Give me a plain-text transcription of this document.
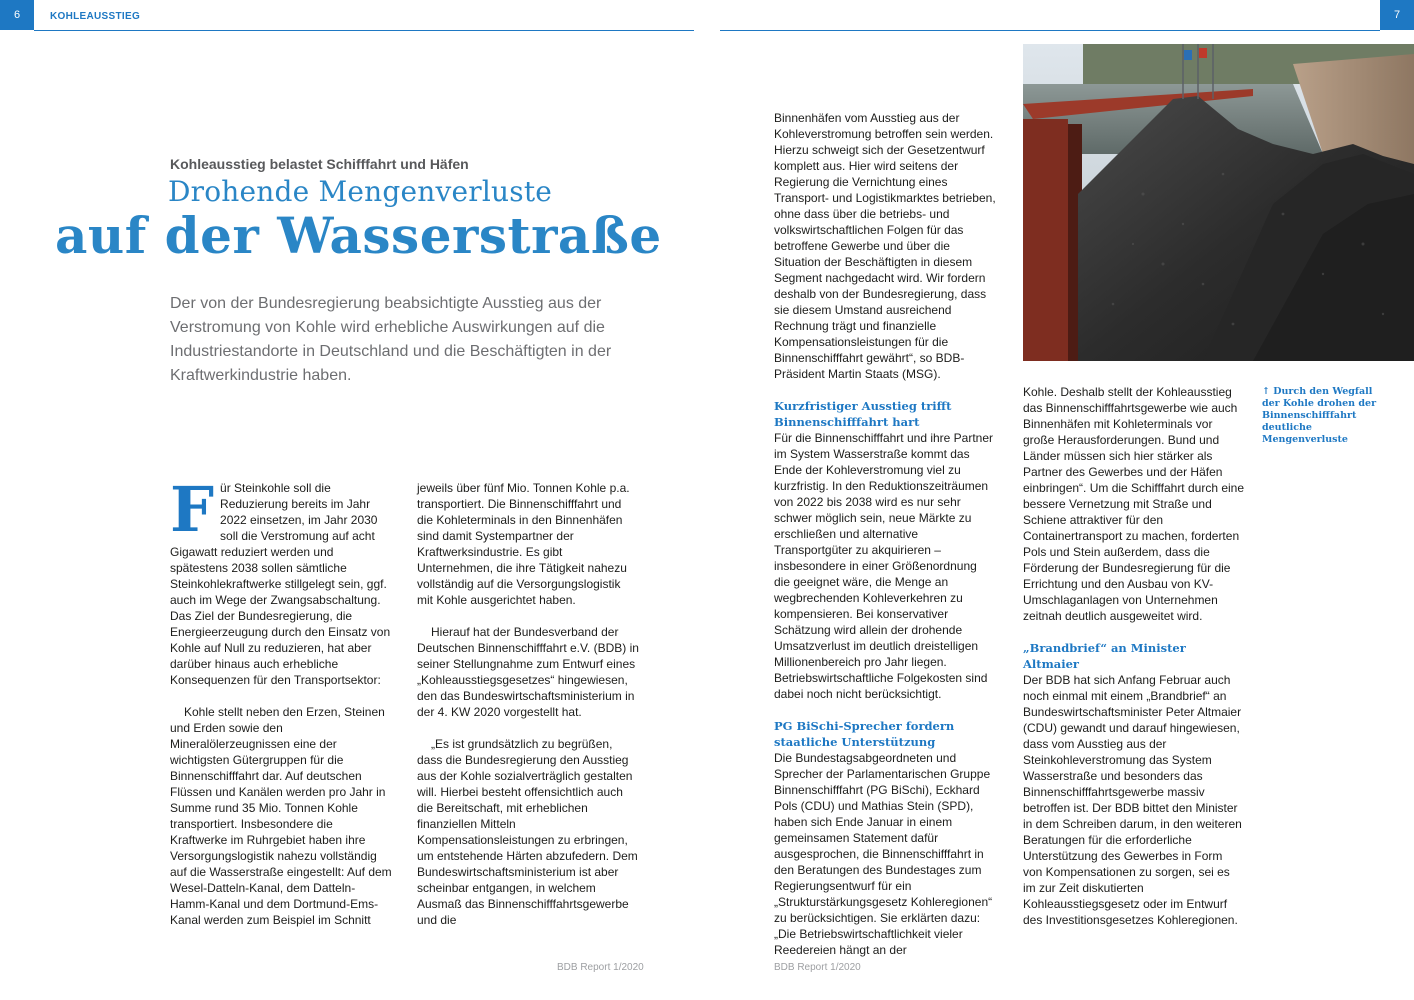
6	KOHLEAUSSTIEG	7
Kohleausstieg belastet Schifffahrt und Häfen
Drohende Mengenverluste
auf der Wasserstraße
Der von der Bundesregierung beabsichtigte Ausstieg aus der Verstromung von Kohle wird erhebliche Auswirkungen auf die Industriestandorte in Deutschland und die Beschäftigten in der Kraftwerkindustrie haben.

Für Steinkohle soll die Reduzierung bereits im Jahr 2022 einsetzen, im Jahr 2030 soll die Verstromung auf acht Gigawatt reduziert werden und spätestens 2038 sollen sämtliche Steinkohlekraftwerke stillgelegt sein, ggf. auch im Wege der Zwangsabschaltung. Das Ziel der Bundesregierung, die Energieerzeugung durch den Einsatz von Kohle auf Null zu reduzieren, hat aber darüber hinaus auch erhebliche Konsequenzen für den Transportsektor:

Kohle stellt neben den Erzen, Steinen und Erden sowie den Mineralölerzeugnissen eine der wichtigsten Gütergruppen für die Binnenschifffahrt dar. Auf deutschen Flüssen und Kanälen werden pro Jahr in Summe rund 35 Mio. Tonnen Kohle transportiert. Insbesondere die Kraftwerke im Ruhrgebiet haben ihre Versorgungslogistik nahezu vollständig auf die Wasserstraße eingestellt: Auf dem Wesel-Datteln-Kanal, dem Datteln-Hamm-Kanal und dem Dortmund-Ems-Kanal werden zum Beispiel im Schnitt

jeweils über fünf Mio. Tonnen Kohle p.a. transportiert. Die Binnenschifffahrt und die Kohleterminals in den Binnenhäfen sind damit Systempartner der Kraftwerksindustrie. Es gibt Unternehmen, die ihre Tätigkeit nahezu vollständig auf die Versorgungslogistik mit Kohle ausgerichtet haben.

Hierauf hat der Bundesverband der Deutschen Binnenschifffahrt e.V. (BDB) in seiner Stellungnahme zum Entwurf eines „Kohleausstiegsgesetzes“ hingewiesen, den das Bundeswirtschaftsministerium in der 4. KW 2020 vorgestellt hat.

„Es ist grundsätzlich zu begrüßen, dass die Bundesregierung den Ausstieg aus der Kohle sozialverträglich gestalten will. Hierbei besteht offensichtlich auch die Bereitschaft, mit erheblichen finanziellen Mitteln Kompensationsleistungen zu erbringen, um entstehende Härten abzufedern. Dem Bundeswirtschaftsministerium ist aber scheinbar entgangen, in welchem Ausmaß das Binnenschifffahrtsgewerbe und die

Binnenhäfen vom Ausstieg aus der Kohleverstromung betroffen sein werden. Hierzu schweigt sich der Gesetzentwurf komplett aus. Hier wird seitens der Regierung die Vernichtung eines Transport- und Logistikmarktes betrieben, ohne dass über die betriebs- und volkswirtschaftlichen Folgen für das betroffene Gewerbe und über die Situation der Beschäftigten in diesem Segment nachgedacht wird. Wir fordern deshalb von der Bundesregierung, dass sie diesem Umstand ausreichend Rechnung trägt und finanzielle Kompensationsleistungen für die Binnenschifffahrt gewährt“, so BDB-Präsident Martin Staats (MSG).

Kurzfristiger Ausstieg trifft Binnenschifffahrt hart

Für die Binnenschifffahrt und ihre Partner im System Wasserstraße kommt das Ende der Kohleverstromung viel zu kurzfristig. In den Reduktionszeiträumen von 2022 bis 2038 wird es nur sehr schwer möglich sein, neue Märkte zu erschließen und alternative Transportgüter zu akquirieren – insbesondere in einer Größenordnung die geeignet wäre, die Menge an wegbrechenden Kohleverkehren zu kompensieren. Bei konservativer Schätzung wird allein der drohende Umsatzverlust im deutlich dreistelligen Millionenbereich pro Jahr liegen. Betriebswirtschaftliche Folgekosten sind dabei noch nicht berücksichtigt.

PG BiSchi-Sprecher fordern staatliche Unterstützung

Die Bundestagsabgeordneten und Sprecher der Parlamentarischen Gruppe Binnenschifffahrt (PG BiSchi), Eckhard Pols (CDU) und Mathias Stein (SPD), haben sich Ende Januar in einem gemeinsamen Statement dafür ausgesprochen, die Binnenschifffahrt in den Beratungen des Bundestages zum Regierungsentwurf für ein „Strukturstärkungsgesetz Kohleregionen“ zu berücksichtigen. Sie erklärten dazu: „Die Betriebswirtschaftlichkeit vieler Reedereien hängt an der

Kohle. Deshalb stellt der Kohleausstieg das Binnenschifffahrtsgewerbe wie auch Binnenhäfen mit Kohleterminals vor große Herausforderungen. Bund und Länder müssen sich hier stärker als Partner des Gewerbes und der Häfen einbringen“. Um die Schifffahrt durch eine bessere Vernetzung mit Straße und Schiene attraktiver für den Containertransport zu machen, forderten Pols und Stein außerdem, dass die Förderung der Bundesregierung für die Errichtung und den Ausbau von KV-Umschlaganlagen von Unternehmen zeitnah deutlich ausgeweitet wird.

„Brandbrief“ an Minister Altmaier

Der BDB hat sich Anfang Februar auch noch einmal mit einem „Brandbrief“ an Bundeswirtschaftsminister Peter Altmaier (CDU) gewandt und darauf hingewiesen, dass vom Ausstieg aus der Steinkohleverstromung das System Wasserstraße und besonders das Binnenschifffahrtsgewerbe massiv betroffen ist. Der BDB bittet den Minister in dem Schreiben darum, in den weiteren Beratungen für die erforderliche Unterstützung des Gewerbes in Form von Kompensationen zu sorgen, sei es im zur Zeit diskutierten Kohleausstiegsgesetz oder im Entwurf des Investitionsgesetzes Kohleregionen.

↑ Durch den Wegfall der Kohle drohen der Binnenschifffahrt deutliche Mengenverluste
BDB Report 1/2020	BDB Report 1/2020
